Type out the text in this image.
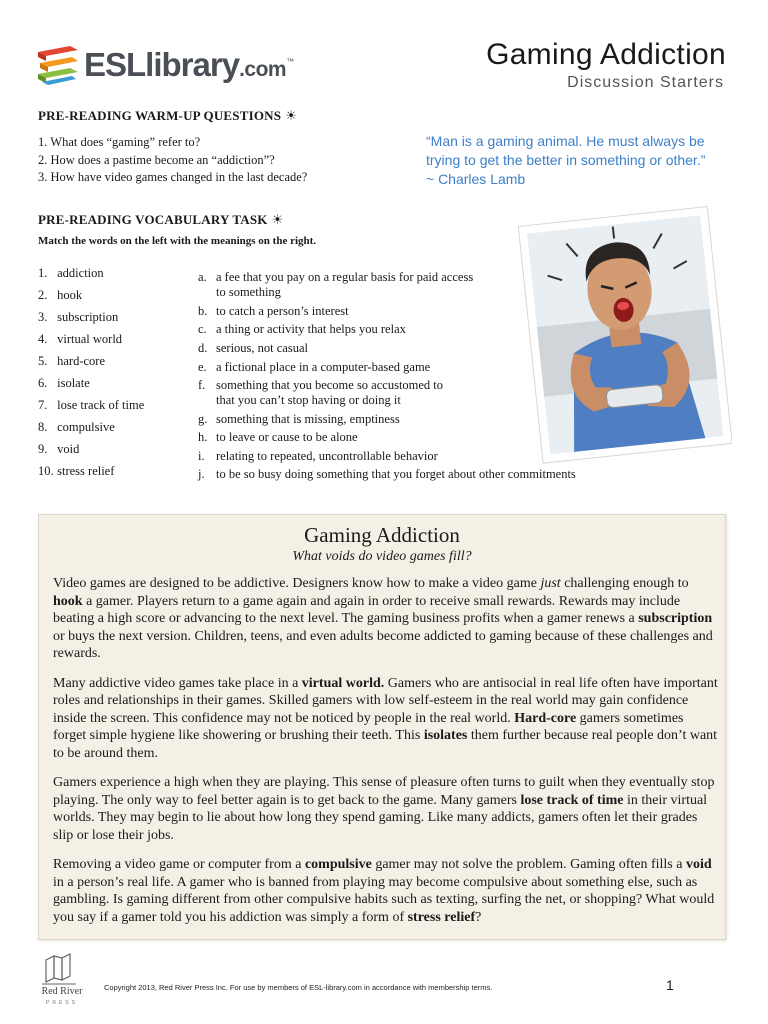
ESLlibrary.com™	Gaming Addiction
Discussion Starters
PRE-READING WARM-UP QUESTIONS ☀
1. What does “gaming” refer to?
2. How does a pastime become an “addiction”?
3. How have video games changed in the last decade?
“Man is a gaming animal. He must always be
trying to get the better in something or other.”
~ Charles Lamb
PRE-READING VOCABULARY TASK ☀
Match the words on the left with the meanings on the right.
1. addiction
2. hook
3. subscription
4. virtual world
5. hard-core
6. isolate
7. lose track of time
8. compulsive
9. void
10. stress relief
a. a fee that you pay on a regular basis for paid access
to something
b. to catch a person’s interest
c. a thing or activity that helps you relax
d. serious, not casual
e. a fictional place in a computer-based game
f. something that you become so accustomed to
that you can’t stop having or doing it
g. something that is missing, emptiness
h. to leave or cause to be alone
i. relating to repeated, uncontrollable behavior
j. to be so busy doing something that you forget about other commitments
Gaming Addiction
What voids do video games fill?

Video games are designed to be addictive. Designers know how to make a video game just challenging enough to hook a gamer. Players return to a game again and again in order to receive small rewards. Rewards may include beating a high score or advancing to the next level. The gaming business profits when a gamer renews a subscription or buys the next version. Children, teens, and even adults become addicted to gaming because of these challenges and rewards.

Many addictive video games take place in a virtual world. Gamers who are antisocial in real life often have important roles and relationships in their games. Skilled gamers with low self-esteem in the real world may gain confidence inside the screen. This confidence may not be noticed by people in the real world. Hard-core gamers sometimes forget simple hygiene like showering or brushing their teeth. This isolates them further because real people don’t want to be around them.

Gamers experience a high when they are playing. This sense of pleasure often turns to guilt when they eventually stop playing. The only way to feel better again is to get back to the game. Many gamers lose track of time in their virtual worlds. They may begin to lie about how long they spend gaming. Like many addicts, gamers often let their grades slip or lose their jobs.

Removing a video game or computer from a compulsive gamer may not solve the problem. Gaming often fills a void in a person’s real life. A gamer who is banned from playing may become compulsive about something else, such as gambling. Is gaming different from other compulsive habits such as texting, surfing the net, or shopping? What would you say if a gamer told you his addiction was simply a form of stress relief?

Red River
PRESS
Copyright 2013, Red River Press Inc. For use by members of ESL-library.com in accordance with membership terms.	1
